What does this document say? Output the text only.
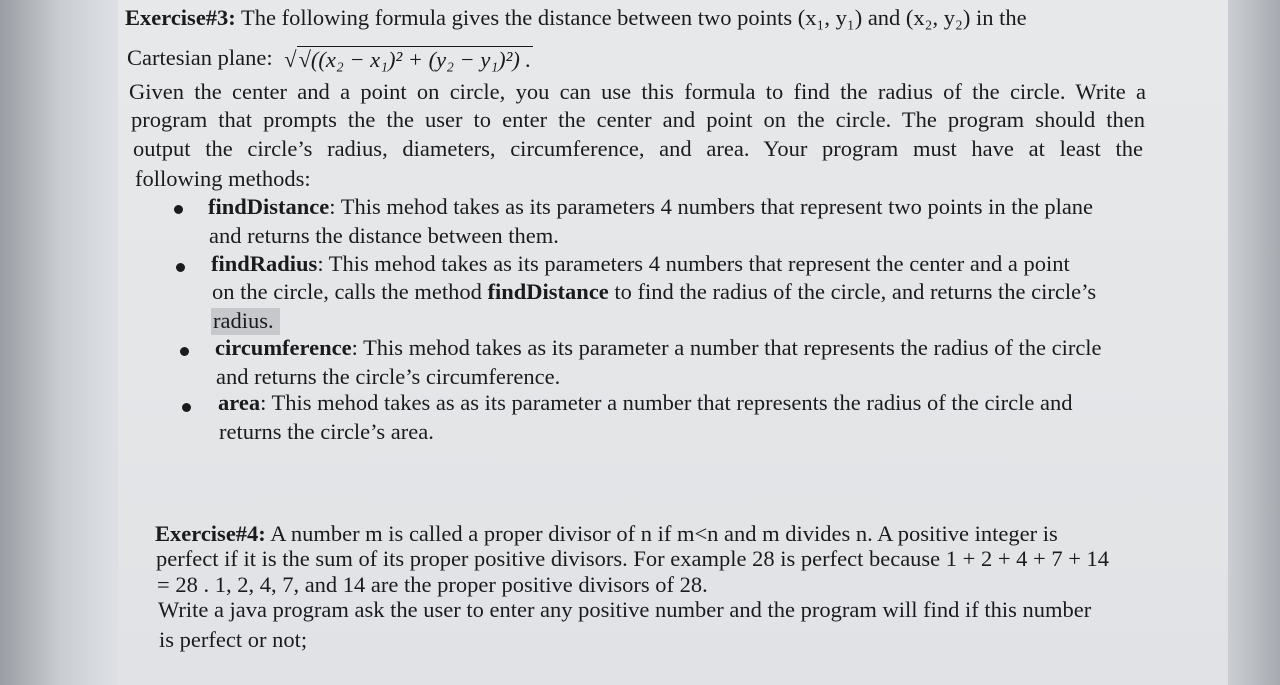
Exercise#3: The following formula gives the distance between two points (x₁, y₁) and (x₂, y₂) in the
Cartesian plane: √√((x₂ − x₁)² + (y₂ − y₁)²) .
Given the center and a point on circle, you can use this formula to find the radius of the circle. Write a
program that prompts the the user to enter the center and point on the circle. The program should then
output the circle’s radius, diameters, circumference, and area. Your program must have at least the
following methods:
findDistance: This mehod takes as its parameters 4 numbers that represent two points in the plane
and returns the distance between them.
findRadius: This mehod takes as its parameters 4 numbers that represent the center and a point
on the circle, calls the method findDistance to find the radius of the circle, and returns the circle’s
radius.
circumference: This mehod takes as its parameter a number that represents the radius of the circle
and returns the circle’s circumference.
area: This mehod takes as as its parameter a number that represents the radius of the circle and
returns the circle’s area.
Exercise#4: A number m is called a proper divisor of n if m<n and m divides n. A positive integer is
perfect if it is the sum of its proper positive divisors. For example 28 is perfect because 1 + 2 + 4 + 7 + 14
= 28 . 1, 2, 4, 7, and 14 are the proper positive divisors of 28.
Write a java program ask the user to enter any positive number and the program will find if this number
is perfect or not;
